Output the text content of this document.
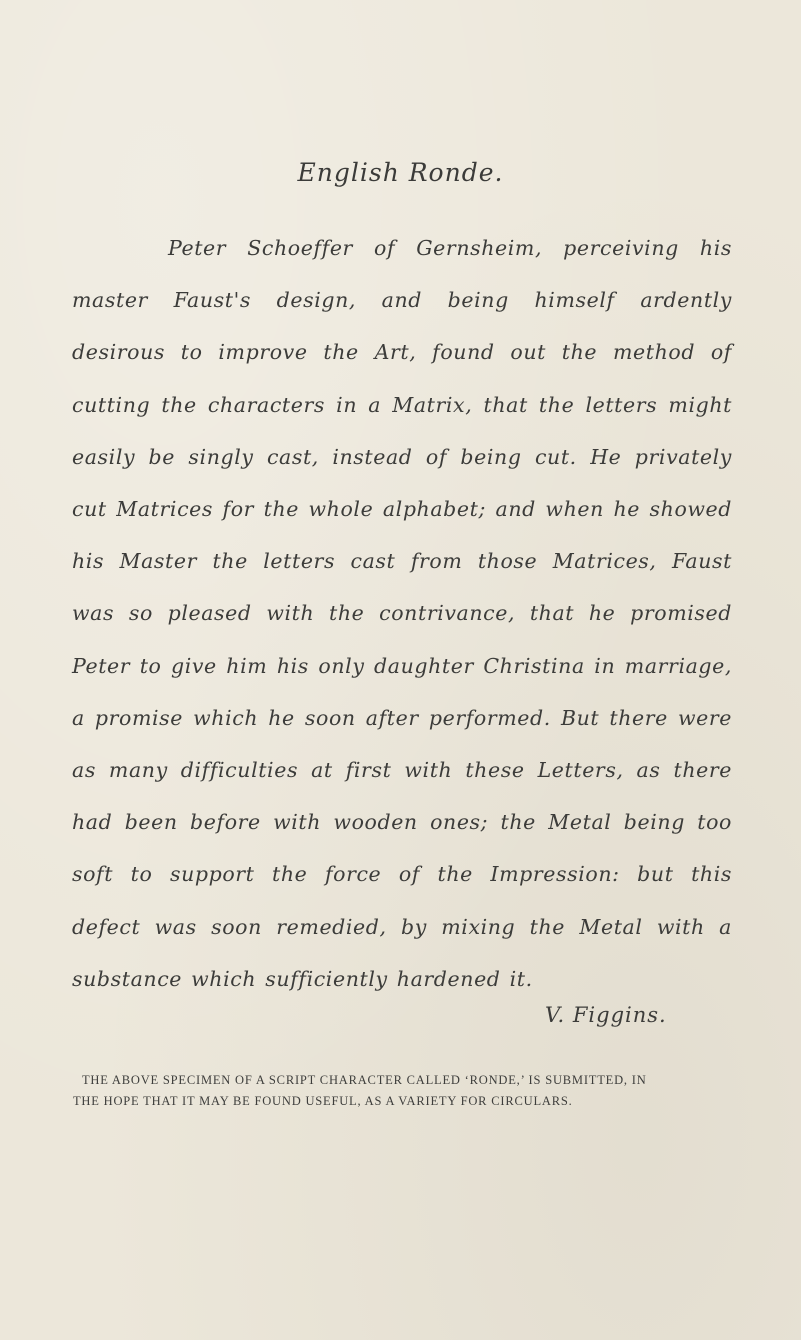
English Ronde.
Peter Schoeffer of Gernsheim, perceiving his master Faust's design, and being himself ardently desirous to improve the Art, found out the method of cutting the characters in a Matrix, that the letters might easily be singly cast, instead of being cut. He privately cut Matrices for the whole alphabet; and when he showed his Master the letters cast from those Matrices, Faust was so pleased with the contrivance, that he promised Peter to give him his only daughter Christina in marriage, a promise which he soon after performed. But there were as many difficulties at first with these Letters, as there had been before with wooden ones; the Metal being too soft to support the force of the Impression: but this defect was soon remedied, by mixing the Metal with a substance which sufficiently hardened it.
V. Figgins.
THE ABOVE SPECIMEN OF A SCRIPT CHARACTER CALLED ‘RONDE,’ IS SUBMITTED, IN
THE HOPE THAT IT MAY BE FOUND USEFUL, AS A VARIETY FOR CIRCULARS.
